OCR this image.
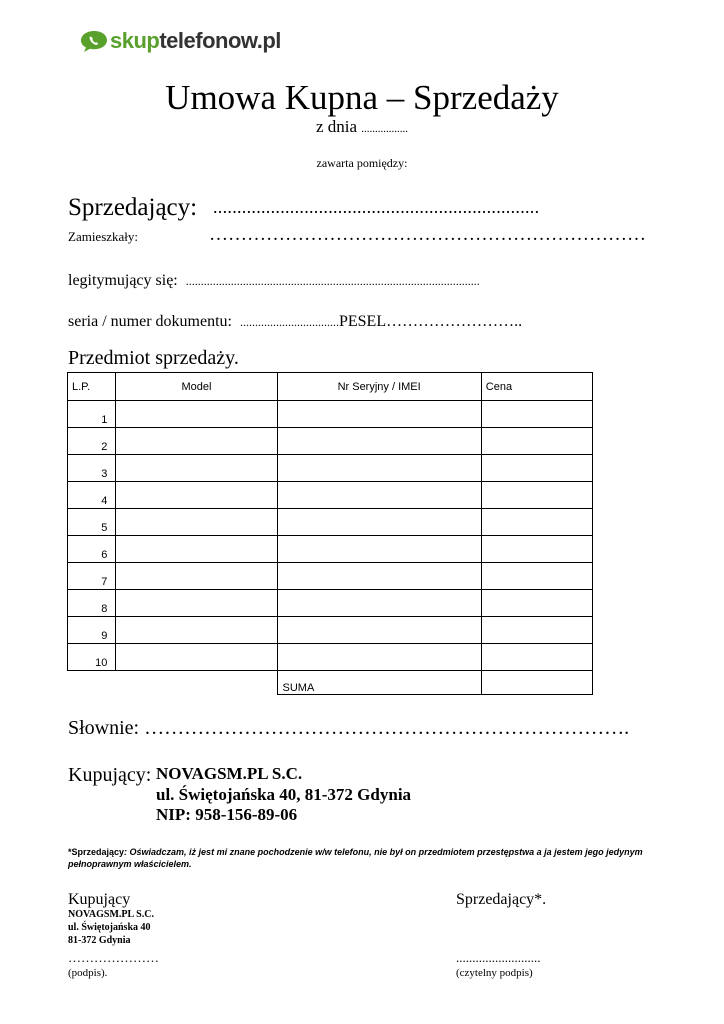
skuptelefonow.pl
Umowa Kupna – Sprzedaży
z dnia .................
zawarta pomiędzy:
Sprzedający: ....................................................................
Zamieszkały:	……………………………………………………………
legitymujący się: ..................................................................................................
seria / numer dokumentu: .................................PESEL……………………..
Przedmiot sprzedaży.
L.P.	Model	Nr Seryjny / IMEI	Cena
1			
2			
3			
4			
5			
6			
7			
8			
9			
10			
		SUMA	
Słownie: ……………………………………………………………….
Kupujący: NOVAGSM.PL S.C.
ul. Świętojańska 40, 81-372 Gdynia
NIP: 958-156-89-06
*Sprzedający: Oświadczam, iż jest mi znane pochodzenie w/w telefonu, nie był on przedmiotem przestępstwa a ja jestem jego jedynym pełnoprawnym właścicielem.
Kupujący
NOVAGSM.PL S.C.
ul. Świętojańska 40
81-372 Gdynia
…………………
(podpis).
Sprzedający*.
..........................
(czytelny podpis)
